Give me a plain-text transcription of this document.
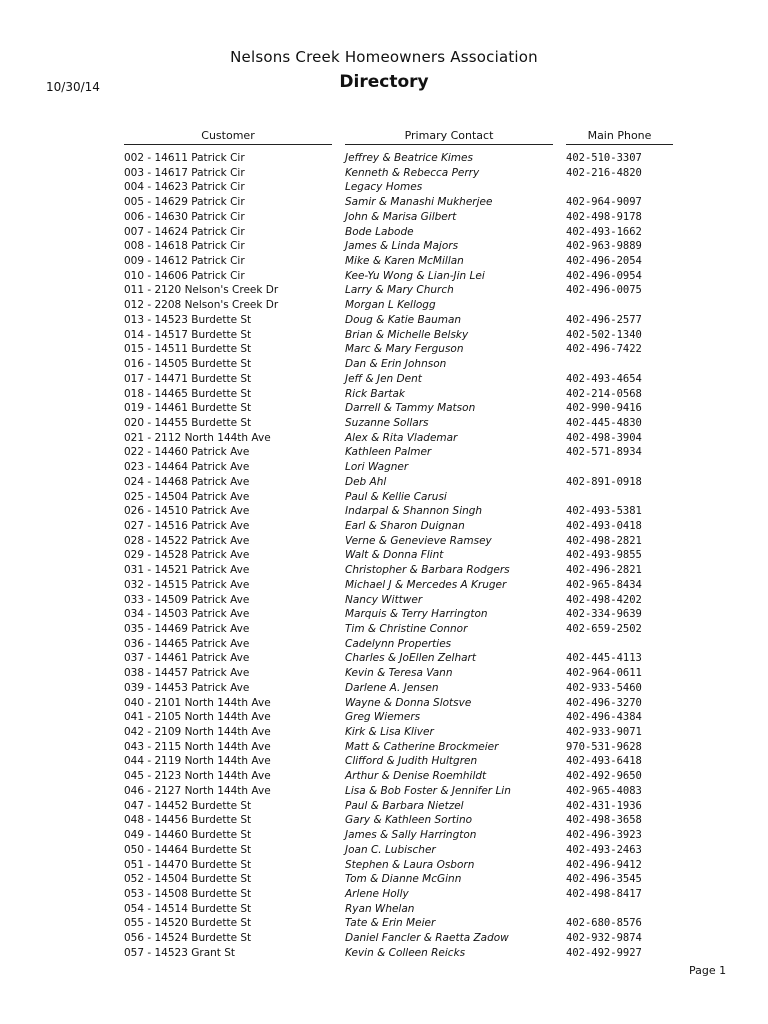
Nelsons Creek Homeowners Association
Directory
10/30/14
Customer	Primary Contact	Main Phone
002 - 14611 Patrick Cir	Jeffrey & Beatrice Kimes	402-510-3307
003 - 14617 Patrick Cir	Kenneth & Rebecca Perry	402-216-4820
004 - 14623 Patrick Cir	Legacy Homes
005 - 14629 Patrick Cir	Samir & Manashi Mukherjee	402-964-9097
006 - 14630 Patrick Cir	John & Marisa Gilbert	402-498-9178
007 - 14624 Patrick Cir	Bode Labode	402-493-1662
008 - 14618 Patrick Cir	James & Linda Majors	402-963-9889
009 - 14612 Patrick Cir	Mike & Karen McMillan	402-496-2054
010 - 14606 Patrick Cir	Kee-Yu Wong & Lian-Jin Lei	402-496-0954
011 - 2120 Nelson's Creek Dr	Larry & Mary Church	402-496-0075
012 - 2208 Nelson's Creek Dr	Morgan L Kellogg
013 - 14523 Burdette St	Doug & Katie Bauman	402-496-2577
014 - 14517 Burdette St	Brian & Michelle Belsky	402-502-1340
015 - 14511 Burdette St	Marc & Mary Ferguson	402-496-7422
016 - 14505 Burdette St	Dan & Erin Johnson
017 - 14471 Burdette St	Jeff & Jen Dent	402-493-4654
018 - 14465 Burdette St	Rick Bartak	402-214-0568
019 - 14461 Burdette St	Darrell & Tammy Matson	402-990-9416
020 - 14455 Burdette St	Suzanne Sollars	402-445-4830
021 - 2112 North 144th Ave	Alex & Rita Vlademar	402-498-3904
022 - 14460 Patrick Ave	Kathleen Palmer	402-571-8934
023 - 14464 Patrick Ave	Lori Wagner
024 - 14468 Patrick Ave	Deb Ahl	402-891-0918
025 - 14504 Patrick Ave	Paul & Kellie Carusi
026 - 14510 Patrick Ave	Indarpal & Shannon Singh	402-493-5381
027 - 14516 Patrick Ave	Earl & Sharon Duignan	402-493-0418
028 - 14522 Patrick Ave	Verne & Genevieve Ramsey	402-498-2821
029 - 14528 Patrick Ave	Walt & Donna Flint	402-493-9855
031 - 14521 Patrick Ave	Christopher & Barbara Rodgers	402-496-2821
032 - 14515 Patrick Ave	Michael J & Mercedes A Kruger	402-965-8434
033 - 14509 Patrick Ave	Nancy Wittwer	402-498-4202
034 - 14503 Patrick Ave	Marquis & Terry Harrington	402-334-9639
035 - 14469 Patrick Ave	Tim & Christine Connor	402-659-2502
036 - 14465 Patrick Ave	Cadelynn Properties
037 - 14461 Patrick Ave	Charles & JoEllen Zelhart	402-445-4113
038 - 14457 Patrick Ave	Kevin & Teresa Vann	402-964-0611
039 - 14453 Patrick Ave	Darlene A. Jensen	402-933-5460
040 - 2101 North 144th Ave	Wayne & Donna Slotsve	402-496-3270
041 - 2105 North 144th Ave	Greg Wiemers	402-496-4384
042 - 2109 North 144th Ave	Kirk & Lisa Kliver	402-933-9071
043 - 2115 North 144th Ave	Matt & Catherine Brockmeier	970-531-9628
044 - 2119 North 144th Ave	Clifford & Judith Hultgren	402-493-6418
045 - 2123 North 144th Ave	Arthur & Denise Roemhildt	402-492-9650
046 - 2127 North 144th Ave	Lisa & Bob Foster & Jennifer Lin	402-965-4083
047 - 14452 Burdette St	Paul & Barbara Nietzel	402-431-1936
048 - 14456 Burdette St	Gary & Kathleen Sortino	402-498-3658
049 - 14460 Burdette St	James & Sally Harrington	402-496-3923
050 - 14464 Burdette St	Joan C. Lubischer	402-493-2463
051 - 14470 Burdette St	Stephen & Laura Osborn	402-496-9412
052 - 14504 Burdette St	Tom & Dianne McGinn	402-496-3545
053 - 14508 Burdette St	Arlene Holly	402-498-8417
054 - 14514 Burdette St	Ryan Whelan
055 - 14520 Burdette St	Tate & Erin Meier	402-680-8576
056 - 14524 Burdette St	Daniel Fancler & Raetta Zadow	402-932-9874
057 - 14523 Grant St	Kevin & Colleen Reicks	402-492-9927
Page 1
